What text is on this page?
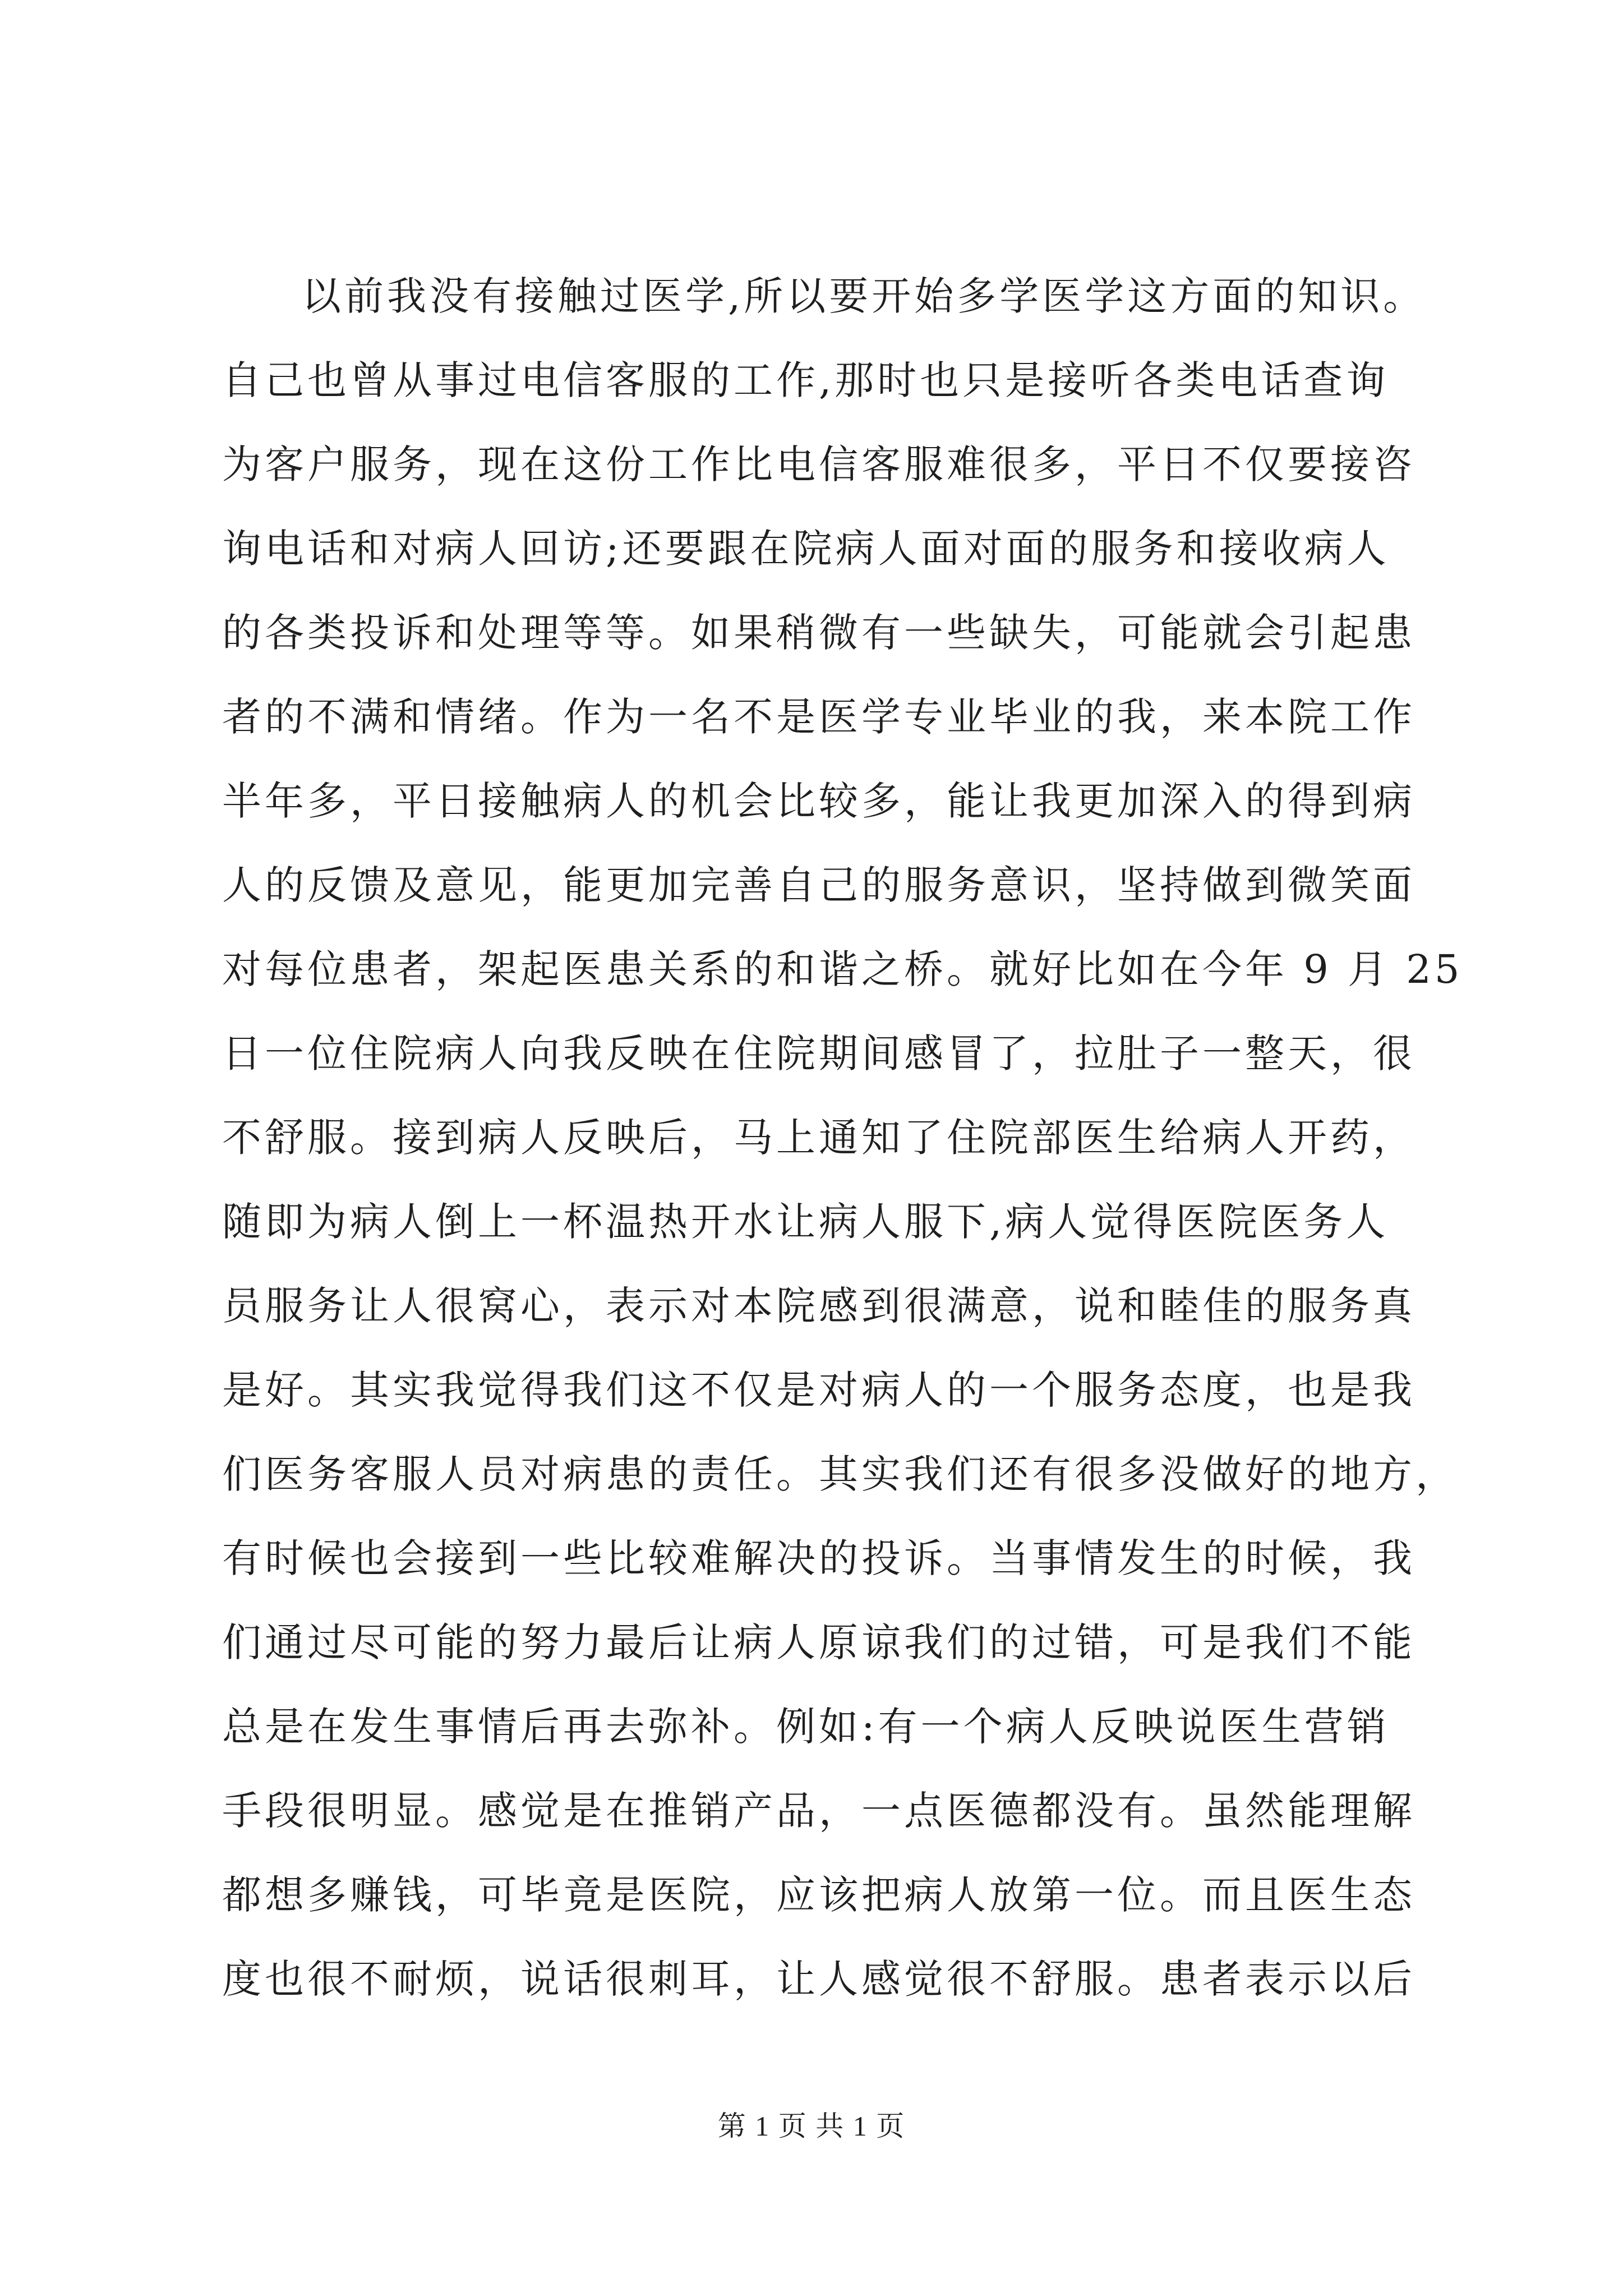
以前我没有接触过医学,所以要开始多学医学这方面的知识。
自己也曾从事过电信客服的工作,那时也只是接听各类电话查询
为客户服务，现在这份工作比电信客服难很多，平日不仅要接咨
询电话和对病人回访;还要跟在院病人面对面的服务和接收病人
的各类投诉和处理等等。如果稍微有一些缺失，可能就会引起患
者的不满和情绪。作为一名不是医学专业毕业的我，来本院工作
半年多，平日接触病人的机会比较多，能让我更加深入的得到病
人的反馈及意见，能更加完善自己的服务意识，坚持做到微笑面
对每位患者，架起医患关系的和谐之桥。就好比如在今年 9 月 25
日一位住院病人向我反映在住院期间感冒了，拉肚子一整天，很
不舒服。接到病人反映后，马上通知了住院部医生给病人开药，
随即为病人倒上一杯温热开水让病人服下,病人觉得医院医务人
员服务让人很窝心，表示对本院感到很满意，说和睦佳的服务真
是好。其实我觉得我们这不仅是对病人的一个服务态度，也是我
们医务客服人员对病患的责任。其实我们还有很多没做好的地方，
有时候也会接到一些比较难解决的投诉。当事情发生的时候，我
们通过尽可能的努力最后让病人原谅我们的过错，可是我们不能
总是在发生事情后再去弥补。例如:有一个病人反映说医生营销
手段很明显。感觉是在推销产品，一点医德都没有。虽然能理解
都想多赚钱，可毕竟是医院，应该把病人放第一位。而且医生态
度也很不耐烦，说话很刺耳，让人感觉很不舒服。患者表示以后
第 1 页 共 1 页
